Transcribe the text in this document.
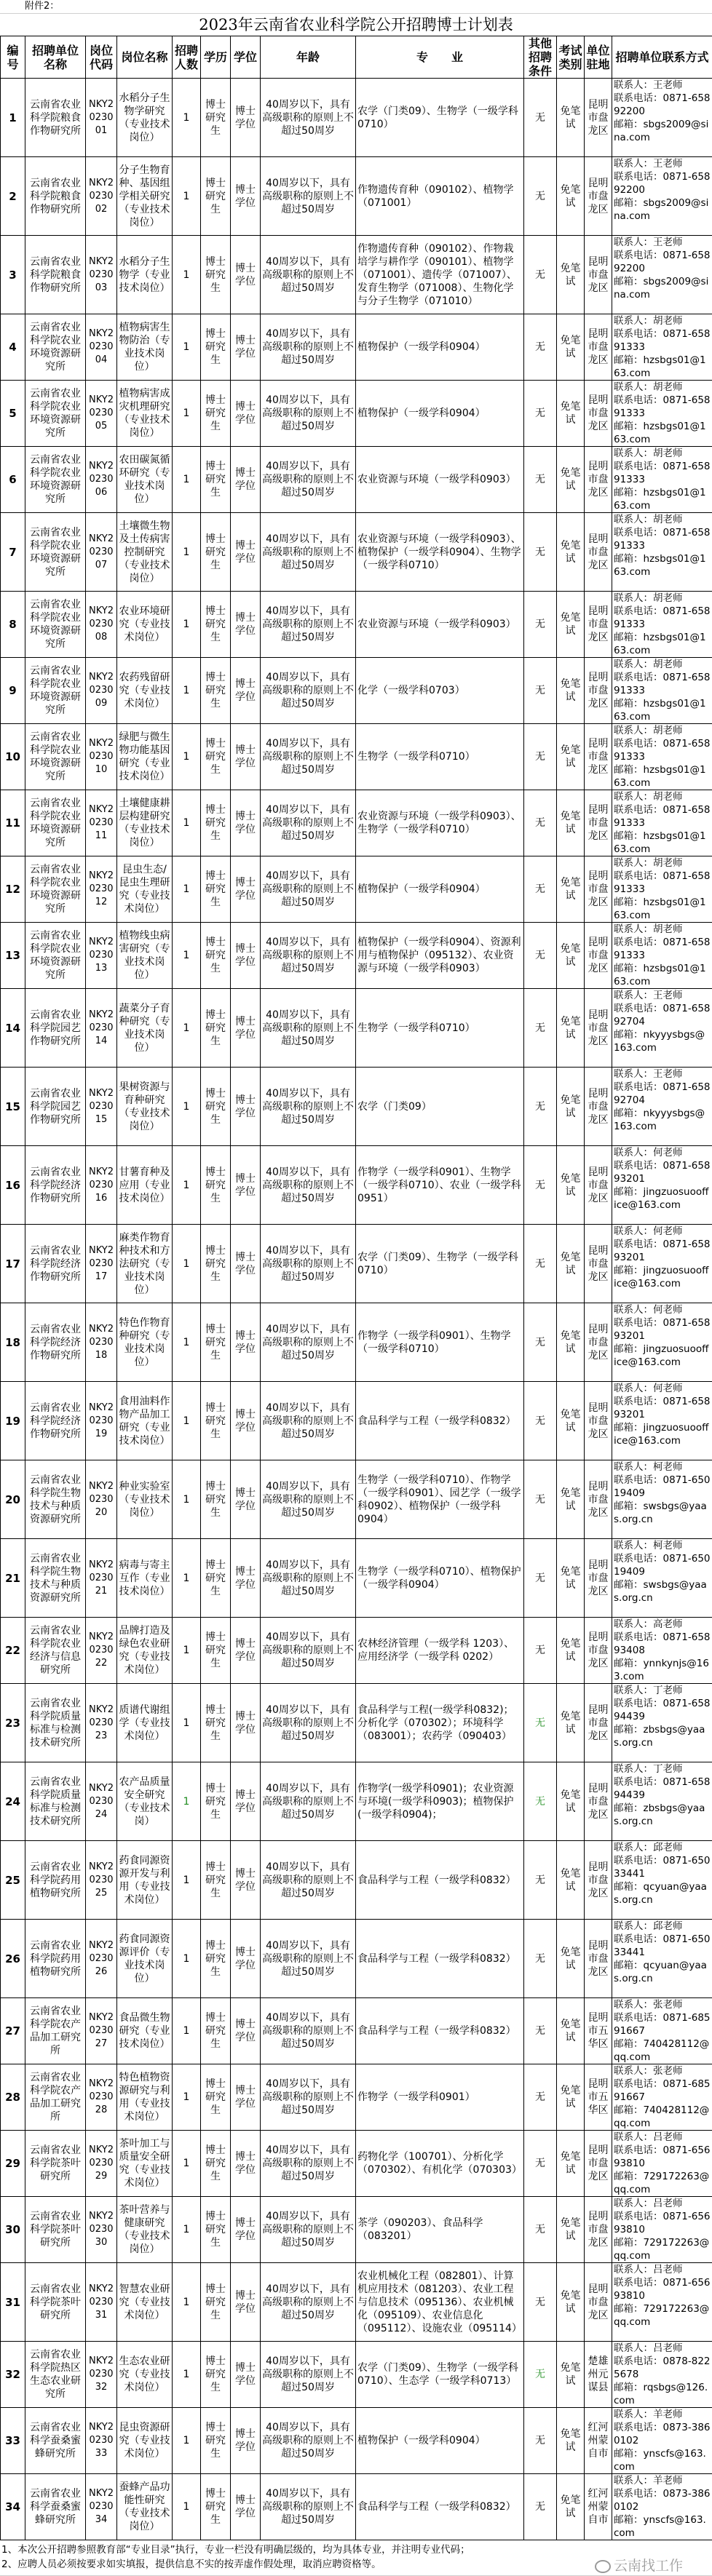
附件2：
2023年云南省农业科学院公开招聘博士计划表
编号	招聘单位名称	岗位代码	岗位名称	招聘人数	学历	学位	年龄	专　　业	其他招聘条件	考试类别	单位驻地	招聘单位联系方式
1	云南省农业科学院粮食作物研究所	NKY2023001	水稻分子生物学研究（专业技术岗位）	1	博士研究生	博士学位	40周岁以下，具有高级职称的原则上不超过50周岁	农学（门类09）、生物学（一级学科0710）	无	免笔试	昆明市盘龙区	联系人：王老师
联系电话：0871-65892200
邮箱：sbgs2009@sina.com

2	云南省农业科学院粮食作物研究所	NKY2023002	分子生物育种、基因组学相关研究（专业技术岗位）	1	博士研究生	博士学位	40周岁以下，具有高级职称的原则上不超过50周岁	作物遗传育种（090102）、植物学（071001）	无	免笔试	昆明市盘龙区	联系人：王老师
联系电话：0871-65892200
邮箱：sbgs2009@sina.com

3	云南省农业科学院粮食作物研究所	NKY2023003	水稻分子生物学（专业技术岗位）	1	博士研究生	博士学位	40周岁以下，具有高级职称的原则上不超过50周岁	作物遗传育种（090102）、作物栽培学与耕作学（090101）、植物学（071001）、遗传学（071007）、发育生物学（071008）、生物化学与分子生物学（071010）	无	免笔试	昆明市盘龙区	联系人：王老师
联系电话：0871-65892200
邮箱：sbgs2009@sina.com

4	云南省农业科学院农业环境资源研究所	NKY2023004	植物病害生物防治（专业技术岗位）	1	博士研究生	博士学位	40周岁以下，具有高级职称的原则上不超过50周岁	植物保护（一级学科0904）	无	免笔试	昆明市盘龙区	联系人：胡老师
联系电话：0871-65891333
邮箱：hzsbgs01@163.com

5	云南省农业科学院农业环境资源研究所	NKY2023005	植物病害成灾机理研究（专业技术岗位）	1	博士研究生	博士学位	40周岁以下，具有高级职称的原则上不超过50周岁	植物保护（一级学科0904）	无	免笔试	昆明市盘龙区	联系人：胡老师
联系电话：0871-65891333
邮箱：hzsbgs01@163.com

6	云南省农业科学院农业环境资源研究所	NKY2023006	农田碳氮循环研究（专业技术岗位）	1	博士研究生	博士学位	40周岁以下，具有高级职称的原则上不超过50周岁	农业资源与环境（一级学科0903）	无	免笔试	昆明市盘龙区	联系人：胡老师
联系电话：0871-65891333
邮箱：hzsbgs01@163.com

7	云南省农业科学院农业环境资源研究所	NKY2023007	土壤微生物及土传病害控制研究（专业技术岗位）	1	博士研究生	博士学位	40周岁以下，具有高级职称的原则上不超过50周岁	农业资源与环境（一级学科0903）、植物保护（一级学科0904）、生物学（一级学科0710）	无	免笔试	昆明市盘龙区	联系人：胡老师
联系电话：0871-65891333
邮箱：hzsbgs01@163.com

8	云南省农业科学院农业环境资源研究所	NKY2023008	农业环境研究（专业技术岗位）	1	博士研究生	博士学位	40周岁以下，具有高级职称的原则上不超过50周岁	农业资源与环境（一级学科0903）	无	免笔试	昆明市盘龙区	联系人：胡老师
联系电话：0871-65891333
邮箱：hzsbgs01@163.com

9	云南省农业科学院农业环境资源研究所	NKY2023009	农药残留研究（专业技术岗位）	1	博士研究生	博士学位	40周岁以下，具有高级职称的原则上不超过50周岁	化学（一级学科0703）	无	免笔试	昆明市盘龙区	联系人：胡老师
联系电话：0871-65891333
邮箱：hzsbgs01@163.com

10	云南省农业科学院农业环境资源研究所	NKY2023010	绿肥与微生物功能基因研究（专业技术岗位）	1	博士研究生	博士学位	40周岁以下，具有高级职称的原则上不超过50周岁	生物学（一级学科0710）	无	免笔试	昆明市盘龙区	联系人：胡老师
联系电话：0871-65891333
邮箱：hzsbgs01@163.com

11	云南省农业科学院农业环境资源研究所	NKY2023011	土壤健康耕层构建研究（专业技术岗位）	1	博士研究生	博士学位	40周岁以下，具有高级职称的原则上不超过50周岁	农业资源与环境（一级学科0903）、生物学（一级学科0710）	无	免笔试	昆明市盘龙区	联系人：胡老师
联系电话：0871-65891333
邮箱：hzsbgs01@163.com

12	云南省农业科学院农业环境资源研究所	NKY2023012	昆虫生态/昆虫生理研究（专业技术岗位）	1	博士研究生	博士学位	40周岁以下，具有高级职称的原则上不超过50周岁	植物保护（一级学科0904）	无	免笔试	昆明市盘龙区	联系人：胡老师
联系电话：0871-65891333
邮箱：hzsbgs01@163.com

13	云南省农业科学院农业环境资源研究所	NKY2023013	植物线虫病害研究（专业技术岗位）	1	博士研究生	博士学位	40周岁以下，具有高级职称的原则上不超过50周岁	植物保护（一级学科0904）、资源利用与植物保护（095132）、农业资源与环境（一级学科0903）	无	免笔试	昆明市盘龙区	联系人：胡老师
联系电话：0871-65891333
邮箱：hzsbgs01@163.com

14	云南省农业科学院园艺作物研究所	NKY2023014	蔬菜分子育种研究（专业技术岗位）	1	博士研究生	博士学位	40周岁以下，具有高级职称的原则上不超过50周岁	生物学（一级学科0710）	无	免笔试	昆明市盘龙区	联系人：王老师
联系电话：0871-65892704
邮箱：nkyyysbgs@163.com

15	云南省农业科学院园艺作物研究所	NKY2023015	果树资源与育种研究（专业技术岗位）	1	博士研究生	博士学位	40周岁以下，具有高级职称的原则上不超过50周岁	农学（门类09）	无	免笔试	昆明市盘龙区	联系人：王老师
联系电话：0871-65892704
邮箱：nkyyysbgs@163.com

16	云南省农业科学院经济作物研究所	NKY2023016	甘薯育种及应用（专业技术岗位）	1	博士研究生	博士学位	40周岁以下，具有高级职称的原则上不超过50周岁	作物学（一级学科0901）、生物学（一级学科0710）、农业（一级学科0951）	无	免笔试	昆明市盘龙区	联系人：何老师
联系电话：0871-65893201
邮箱：jingzuosuooffice@163.com

17	云南省农业科学院经济作物研究所	NKY2023017	麻类作物育种技术和方法研究（专业技术岗位）	1	博士研究生	博士学位	40周岁以下，具有高级职称的原则上不超过50周岁	农学（门类09）、生物学（一级学科0710）	无	免笔试	昆明市盘龙区	联系人：何老师
联系电话：0871-65893201
邮箱：jingzuosuooffice@163.com

18	云南省农业科学院经济作物研究所	NKY2023018	特色作物育种研究（专业技术岗位）	1	博士研究生	博士学位	40周岁以下，具有高级职称的原则上不超过50周岁	作物学（一级学科0901）、生物学（一级学科0710）	无	免笔试	昆明市盘龙区	联系人：何老师
联系电话：0871-65893201
邮箱：jingzuosuooffice@163.com

19	云南省农业科学院经济作物研究所	NKY2023019	食用油料作物产品加工研究（专业技术岗位）	1	博士研究生	博士学位	40周岁以下，具有高级职称的原则上不超过50周岁	食品科学与工程（一级学科0832）	无	免笔试	昆明市盘龙区	联系人：何老师
联系电话：0871-65893201
邮箱：jingzuosuooffice@163.com

20	云南省农业科学院生物技术与种质资源研究所	NKY2023020	种业实验室（专业技术岗位）	1	博士研究生	博士学位	40周岁以下，具有高级职称的原则上不超过50周岁	生物学（一级学科0710）、作物学（一级学科0901）、园艺学（一级学科0902）、植物保护（一级学科0904）	无	免笔试	昆明市盘龙区	联系人：柯老师
联系电话：0871-65019409
邮箱：swsbgs@yaas.org.cn

21	云南省农业科学院生物技术与种质资源研究所	NKY2023021	病毒与寄主互作（专业技术岗位）	1	博士研究生	博士学位	40周岁以下，具有高级职称的原则上不超过50周岁	生物学（一级学科0710）、植物保护（一级学科0904）	无	免笔试	昆明市盘龙区	联系人：柯老师
联系电话：0871-65019409
邮箱：swsbgs@yaas.org.cn

22	云南省农业科学院农业经济与信息研究所	NKY2023022	品牌打造及绿色农业研究（专业技术岗位）	1	博士研究生	博士学位	40周岁以下，具有高级职称的原则上不超过50周岁	农林经济管理（一级学科 1203）、应用经济学（一级学科 0202）	无	免笔试	昆明市盘龙区	联系人：高老师
联系电话：0871-65893408
邮箱：ynnkynjs@163.com

23	云南省农业科学院质量标准与检测技术研究所	NKY2023023	质谱代谢组学（专业技术岗位）	1	博士研究生	博士学位	40周岁以下，具有高级职称的原则上不超过50周岁	食品科学与工程(一级学科0832)；分析化学（070302）；环境科学（083001）；农药学（090403）	无	免笔试	昆明市盘龙区	联系人：丁老师
联系电话：0871-65894439
邮箱：zbsbgs@yaas.org.cn

24	云南省农业科学院质量标准与检测技术研究所	NKY2023024	农产品质量安全研究（专业技术岗）	1	博士研究生	博士学位	40周岁以下，具有高级职称的原则上不超过50周岁	作物学(一级学科0901)；农业资源与环境(一级学科0903)；植物保护(一级学科0904)；	无	免笔试	昆明市盘龙区	联系人：丁老师
联系电话：0871-65894439
邮箱：zbsbgs@yaas.org.cn

25	云南省农业科学院药用植物研究所	NKY2023025	药食同源资源开发与利用（专业技术岗位）	1	博士研究生	博士学位	40周岁以下，具有高级职称的原则上不超过50周岁	食品科学与工程（一级学科0832）	无	免笔试	昆明市盘龙区	联系人：邱老师
联系电话：0871-65033441
邮箱：qcyuan@yaas.org.cn

26	云南省农业科学院药用植物研究所	NKY2023026	药食同源资源评价（专业技术岗位）	1	博士研究生	博士学位	40周岁以下，具有高级职称的原则上不超过50周岁	食品科学与工程（一级学科0832）	无	免笔试	昆明市盘龙区	联系人：邱老师
联系电话：0871-65033441
邮箱：qcyuan@yaas.org.cn

27	云南省农业科学院农产品加工研究所	NKY2023027	食品微生物研究（专业技术岗位）	1	博士研究生	博士学位	40周岁以下，具有高级职称的原则上不超过50周岁	食品科学与工程（一级学科0832）	无	免笔试	昆明市五华区	联系人：张老师
联系电话：0871-68591667
邮箱：740428112@qq.com

28	云南省农业科学院农产品加工研究所	NKY2023028	特色植物资源研究与利用（专业技术岗位）	1	博士研究生	博士学位	40周岁以下，具有高级职称的原则上不超过50周岁	作物学（一级学科0901）	无	免笔试	昆明市五华区	联系人：张老师
联系电话：0871-68591667
邮箱：740428112@qq.com

29	云南省农业科学院茶叶研究所	NKY2023029	茶叶加工与质量安全研究（专业技术岗位）	1	博士研究生	博士学位	40周岁以下，具有高级职称的原则上不超过50周岁	药物化学（100701）、分析化学（070302）、有机化学（070303）	无	免笔试	昆明市盘龙区	联系人：吕老师
联系电话：0871-65693810
邮箱：729172263@qq.com

30	云南省农业科学院茶叶研究所	NKY2023030	茶叶营养与健康研究（专业技术岗位）	1	博士研究生	博士学位	40周岁以下，具有高级职称的原则上不超过50周岁	茶学（090203）、食品科学（083201）	无	免笔试	昆明市盘龙区	联系人：吕老师
联系电话：0871-65693810
邮箱：729172263@qq.com

31	云南省农业科学院茶叶研究所	NKY2023031	智慧农业研究（专业技术岗位）	1	博士研究生	博士学位	40周岁以下，具有高级职称的原则上不超过50周岁	农业机械化工程（082801）、计算机应用技术（081203）、农业工程与信息技术（095136）、农业机械化（095109）、农业信息化（095112）、设施农业（095114）	无	免笔试	昆明市盘龙区	联系人：吕老师
联系电话：0871-65693810
邮箱：729172263@qq.com

32	云南省农业科学院热区生态农业研究所	NKY2023032	生态农业研究（专业技术岗位）	1	博士研究生	博士学位	40周岁以下，具有高级职称的原则上不超过50周岁	农学（门类09）、生物学（一级学科0710）、生态学（一级学科0713）	无	免笔试	楚雄州元谋县	联系人：吕老师
联系电话：0878-8225678
邮箱：rqsbgs@126.com

33	云南省农业科学蚕桑蜜蜂研究所	NKY2023033	昆虫资源研究（专业技术岗位）	1	博士研究生	博士学位	40周岁以下，具有高级职称的原则上不超过50周岁	植物保护（一级学科0904）	无	免笔试	红河州蒙自市	联系人：羊老师
联系电话：0873-3860102
邮箱：ynscfs@163.com

34	云南省农业科学蚕桑蜜蜂研究所	NKY2023034	蚕蜂产品功能性研究（专业技术岗位）	1	博士研究生	博士学位	40周岁以下，具有高级职称的原则上不超过50周岁	食品科学与工程（一级学科0832）	无	免笔试	红河州蒙自市	联系人：羊老师
联系电话：0873-3860102
邮箱：ynscfs@163.com
1、本次公开招聘参照教育部“专业目录”执行，专业一栏没有明确层级的，均为具体专业，并注明专业代码；
2、应聘人员必须按要求如实填报，提供信息不实的按弄虚作假处理，取消应聘资格等。	云南找工作
